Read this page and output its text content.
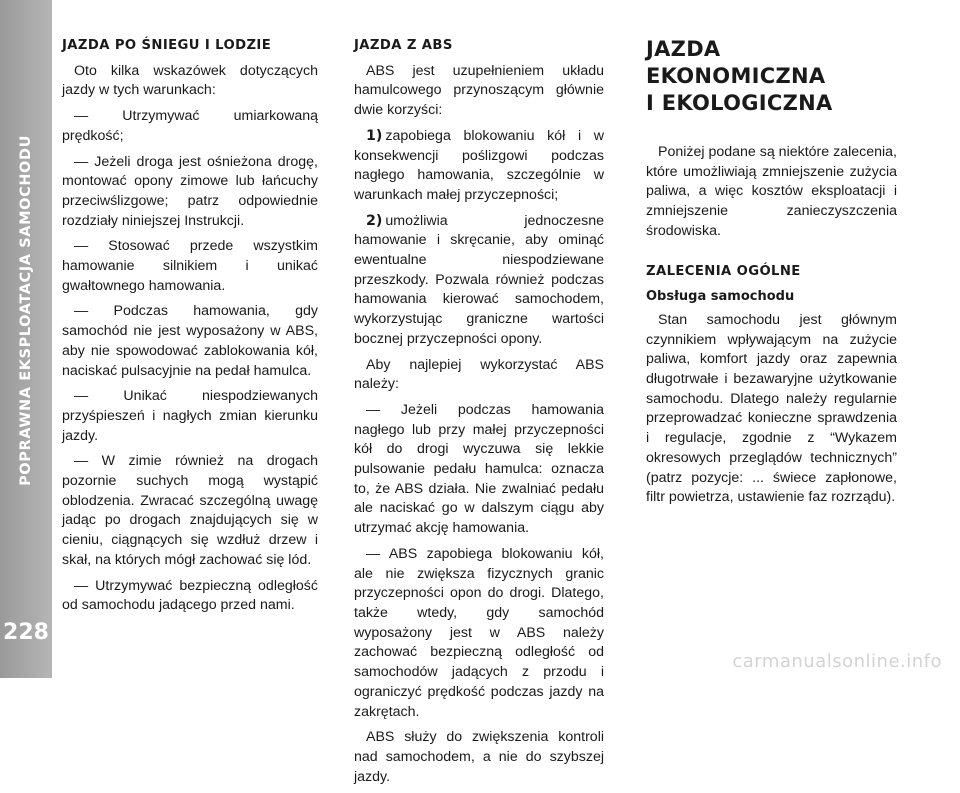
POPRAWNA EKSPLOATACJA SAMOCHODU
228
JAZDA PO ŚNIEGU I LODZIE

Oto kilka wskazówek dotyczących jazdy w tych warunkach:

— Utrzymywać umiarkowaną prędkość;

— Jeżeli droga jest ośnieżona drogę, montować opony zimowe lub łańcuchy przeciwślizgowe; patrz odpowiednie rozdziały niniejszej Instrukcji.

— Stosować przede wszystkim hamowanie silnikiem i unikać gwałtownego hamowania.

— Podczas hamowania, gdy samochód nie jest wyposażony w ABS, aby nie spowodować zablokowania kół, naciskać pulsacyjnie na pedał hamulca.

— Unikać niespodziewanych przyśpieszeń i nagłych zmian kierunku jazdy.

— W zimie również na drogach pozornie suchych mogą wystąpić oblodzenia. Zwracać szczególną uwagę jadąc po drogach znajdujących się w cieniu, ciągnących się wzdłuż drzew i skał, na których mógł zachować się lód.

— Utrzymywać bezpieczną odległość od samochodu jadącego przed nami.

JAZDA Z ABS

ABS jest uzupełnieniem układu hamulcowego przynoszącym głównie dwie korzyści:

1) zapobiega blokowaniu kół i w konsekwencji poślizgowi podczas nagłego hamowania, szczególnie w warunkach małej przyczepności;

2) umożliwia jednoczesne hamowanie i skręcanie, aby ominąć ewentualne niespodziewane przeszkody. Pozwala również podczas hamowania kierować samochodem, wykorzystując graniczne wartości bocznej przyczepności opony.

Aby najlepiej wykorzystać ABS należy:

— Jeżeli podczas hamowania nagłego lub przy małej przyczepności kół do drogi wyczuwa się lekkie pulsowanie pedału hamulca: oznacza to, że ABS działa. Nie zwalniać pedału ale naciskać go w dalszym ciągu aby utrzymać akcję hamowania.

— ABS zapobiega blokowaniu kół, ale nie zwiększa fizycznych granic przyczepności opon do drogi. Dlatego, także wtedy, gdy samochód wyposażony jest w ABS należy zachować bezpieczną odległość od samochodów jadących z przodu i ograniczyć prędkość podczas jazdy na zakrętach.

ABS służy do zwiększenia kontroli nad samochodem, a nie do szybszej jazdy.

JAZDA
EKONOMICZNA
I EKOLOGICZNA

Poniżej podane są niektóre zalecenia, które umożliwiają zmniejszenie zużycia paliwa, a więc kosztów eksploatacji i zmniejszenie zanieczyszczenia środowiska.

ZALECENIA OGÓLNE
Obsługa samochodu

Stan samochodu jest głównym czynnikiem wpływającym na zużycie paliwa, komfort jazdy oraz zapewnia długotrwałe i bezawaryjne użytkowanie samochodu. Dlatego należy regularnie przeprowadzać konieczne sprawdzenia i regulacje, zgodnie z “Wykazem okresowych przeglądów technicznych” (patrz pozycje: ... świece zapłonowe, filtr powietrza, ustawienie faz rozrządu).

carmanualsonline.info
